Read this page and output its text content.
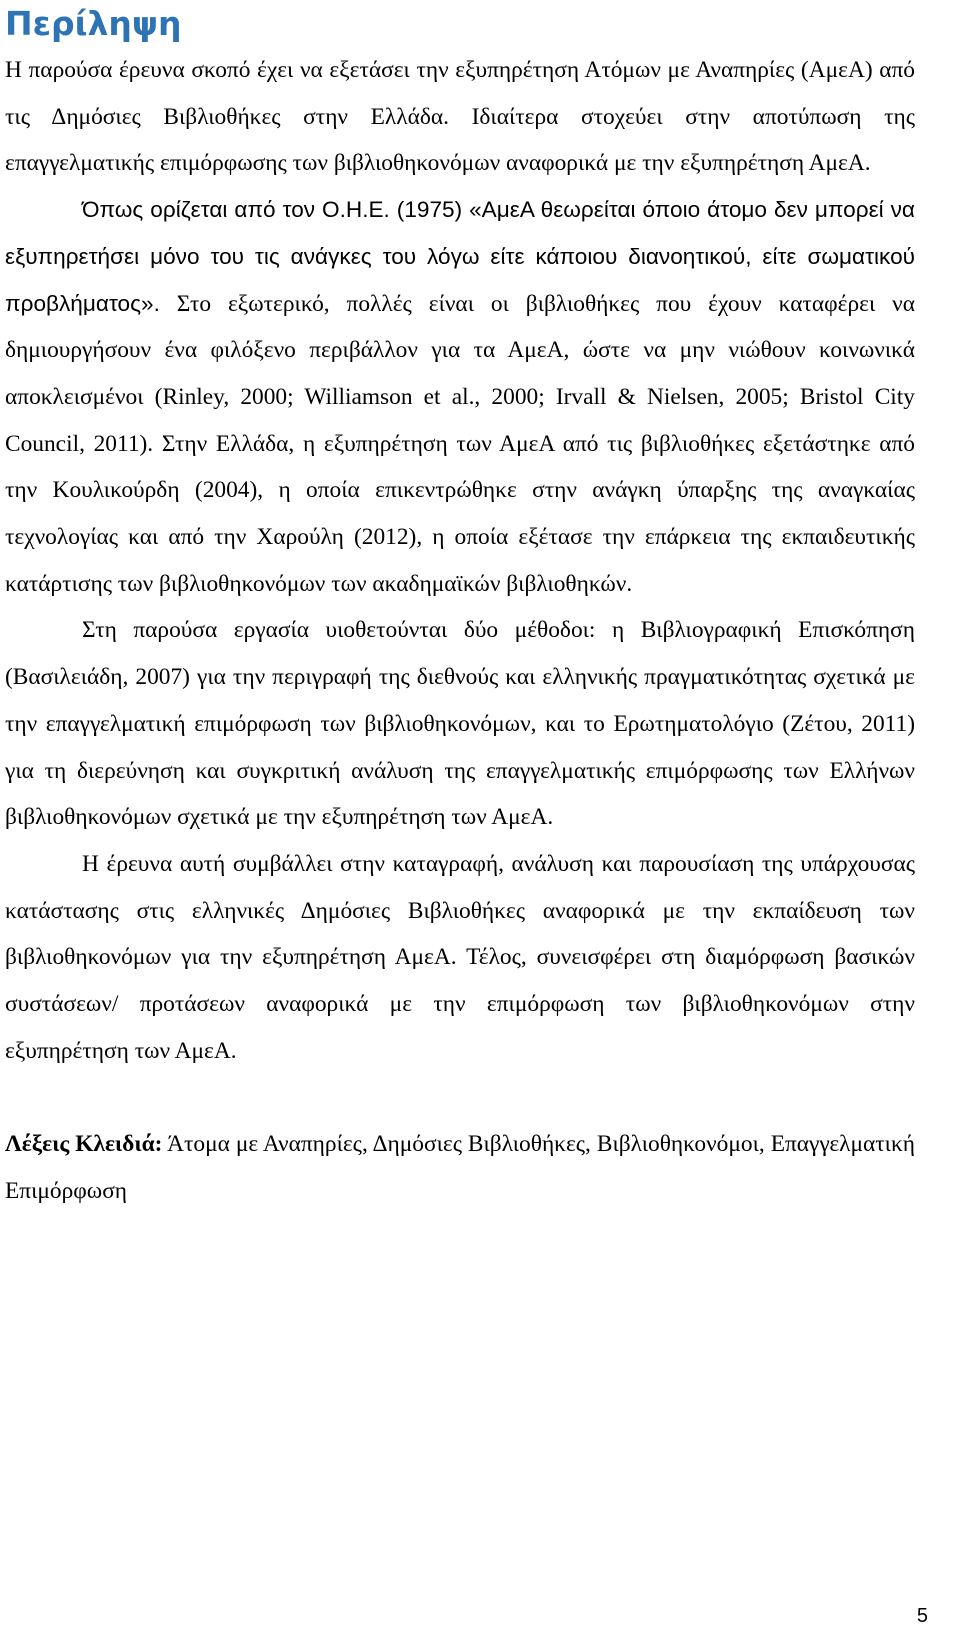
Περίληψη

Η παρούσα έρευνα σκοπό έχει να εξετάσει την εξυπηρέτηση Ατόμων με Αναπηρίες (ΑμεΑ) από τις Δημόσιες Βιβλιοθήκες στην Ελλάδα. Ιδιαίτερα στοχεύει στην αποτύπωση της επαγγελματικής επιμόρφωσης των βιβλιοθηκονόμων αναφορικά με την εξυπηρέτηση ΑμεΑ.

Όπως ορίζεται από τον Ο.Η.Ε. (1975) «ΑμεΑ θεωρείται όποιο άτομο δεν μπορεί να εξυπηρετήσει μόνο του τις ανάγκες του λόγω είτε κάποιου διανοητικού, είτε σωματικού προβλήματος». Στο εξωτερικό, πολλές είναι οι βιβλιοθήκες που έχουν καταφέρει να δημιουργήσουν ένα φιλόξενο περιβάλλον για τα ΑμεΑ, ώστε να μην νιώθουν κοινωνικά αποκλεισμένοι (Rinley, 2000; Williamson et al., 2000; Irvall & Nielsen, 2005; Bristol City Council, 2011). Στην Ελλάδα, η εξυπηρέτηση των ΑμεΑ από τις βιβλιοθήκες εξετάστηκε από την Κουλικούρδη (2004), η οποία επικεντρώθηκε στην ανάγκη ύπαρξης της αναγκαίας τεχνολογίας και από την Χαρούλη (2012), η οποία εξέτασε την επάρκεια της εκπαιδευτικής κατάρτισης των βιβλιοθηκονόμων των ακαδημαϊκών βιβλιοθηκών.

Στη παρούσα εργασία υιοθετούνται δύο μέθοδοι: η Βιβλιογραφική Επισκόπηση (Βασιλειάδη, 2007) για την περιγραφή της διεθνούς και ελληνικής πραγματικότητας σχετικά με την επαγγελματική επιμόρφωση των βιβλιοθηκονόμων, και το Ερωτηματολόγιο (Ζέτου, 2011) για τη διερεύνηση και συγκριτική ανάλυση της επαγγελματικής επιμόρφωσης των Ελλήνων βιβλιοθηκονόμων σχετικά με την εξυπηρέτηση των ΑμεΑ.

Η έρευνα αυτή συμβάλλει στην καταγραφή, ανάλυση και παρουσίαση της υπάρχουσας κατάστασης στις ελληνικές Δημόσιες Βιβλιοθήκες αναφορικά με την εκπαίδευση των βιβλιοθηκονόμων για την εξυπηρέτηση ΑμεΑ. Τέλος, συνεισφέρει στη διαμόρφωση βασικών συστάσεων/ προτάσεων αναφορικά με την επιμόρφωση των βιβλιοθηκονόμων στην εξυπηρέτηση των ΑμεΑ.

Λέξεις Κλειδιά: Άτομα με Αναπηρίες, Δημόσιες Βιβλιοθήκες, Βιβλιοθηκονόμοι, Επαγγελματική Επιμόρφωση

5
